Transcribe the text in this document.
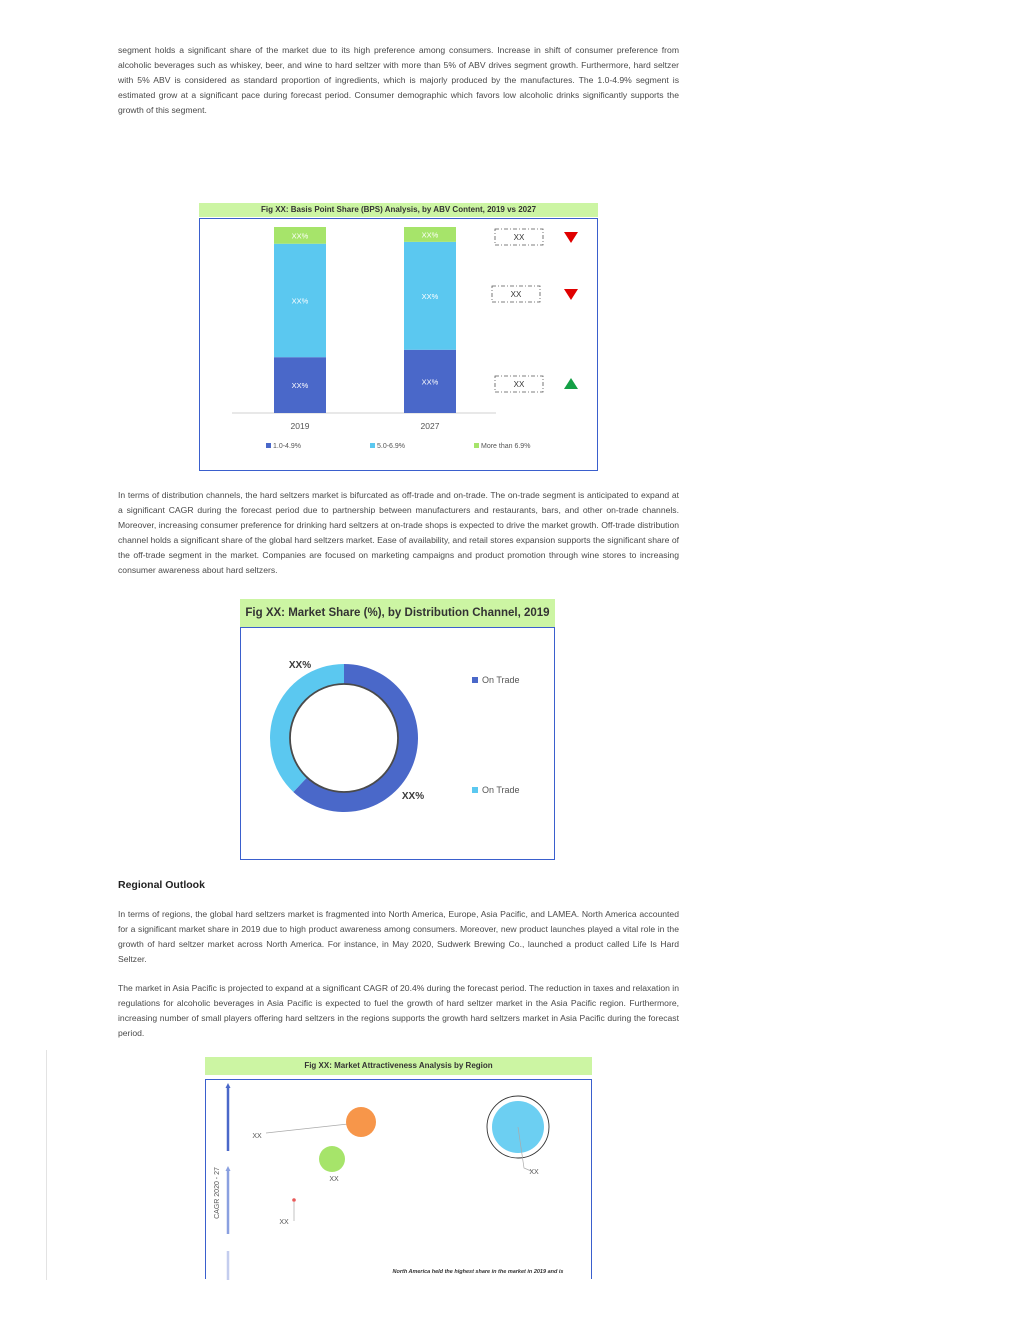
segment holds a significant share of the market due to its high preference among consumers. Increase in shift of consumer preference from alcoholic beverages such as whiskey, beer, and wine to hard seltzer with more than 5% of ABV drives segment growth. Furthermore, hard seltzer with 5% ABV is considered as standard proportion of ingredients, which is majorly produced by the manufactures. The 1.0-4.9% segment is estimated grow at a significant pace during forecast period. Consumer demographic which favors low alcoholic drinks significantly supports the growth of this segment.

Fig XX: Basis Point Share (BPS) Analysis, by ABV Content, 2019 vs 2027
XX%
XX%
XX%
2019
XX%
XX%
XX%
2027
XX
XX
XX
1.0-4.9%	5.0-6.9%	More than 6.9%

In terms of distribution channels, the hard seltzers market is bifurcated as off-trade and on-trade. The on-trade segment is anticipated to expand at a significant CAGR during the forecast period due to partnership between manufacturers and restaurants, bars, and other on-trade channels. Moreover, increasing consumer preference for drinking hard seltzers at on-trade shops is expected to drive the market growth. Off-trade distribution channel holds a significant share of the global hard seltzers market. Ease of availability, and retail stores expansion supports the significant share of the off-trade segment in the market. Companies are focused on marketing campaigns and product promotion through wine stores to increasing consumer awareness about hard seltzers.

Fig XX: Market Share (%), by Distribution Channel, 2019
XX%
XX%
On Trade
On Trade
Regional Outlook

In terms of regions, the global hard seltzers market is fragmented into North America, Europe, Asia Pacific, and LAMEA. North America accounted for a significant market share in 2019 due to high product awareness among consumers. Moreover, new product launches played a vital role in the growth of hard seltzer market across North America. For instance, in May 2020, Sudwerk Brewing Co., launched a product called Life Is Hard Seltzer.

The market in Asia Pacific is projected to expand at a significant CAGR of 20.4% during the forecast period. The reduction in taxes and relaxation in regulations for alcoholic beverages in Asia Pacific is expected to fuel the growth of hard seltzer market in the Asia Pacific region. Furthermore, increasing number of small players offering hard seltzers in the regions supports the growth hard seltzers market in Asia Pacific during the forecast period.

Fig XX: Market Attractiveness Analysis by Region
CAGR 2020 - 27
XX
XX
XX
XX
North America held the highest share in the market in 2019 and is
